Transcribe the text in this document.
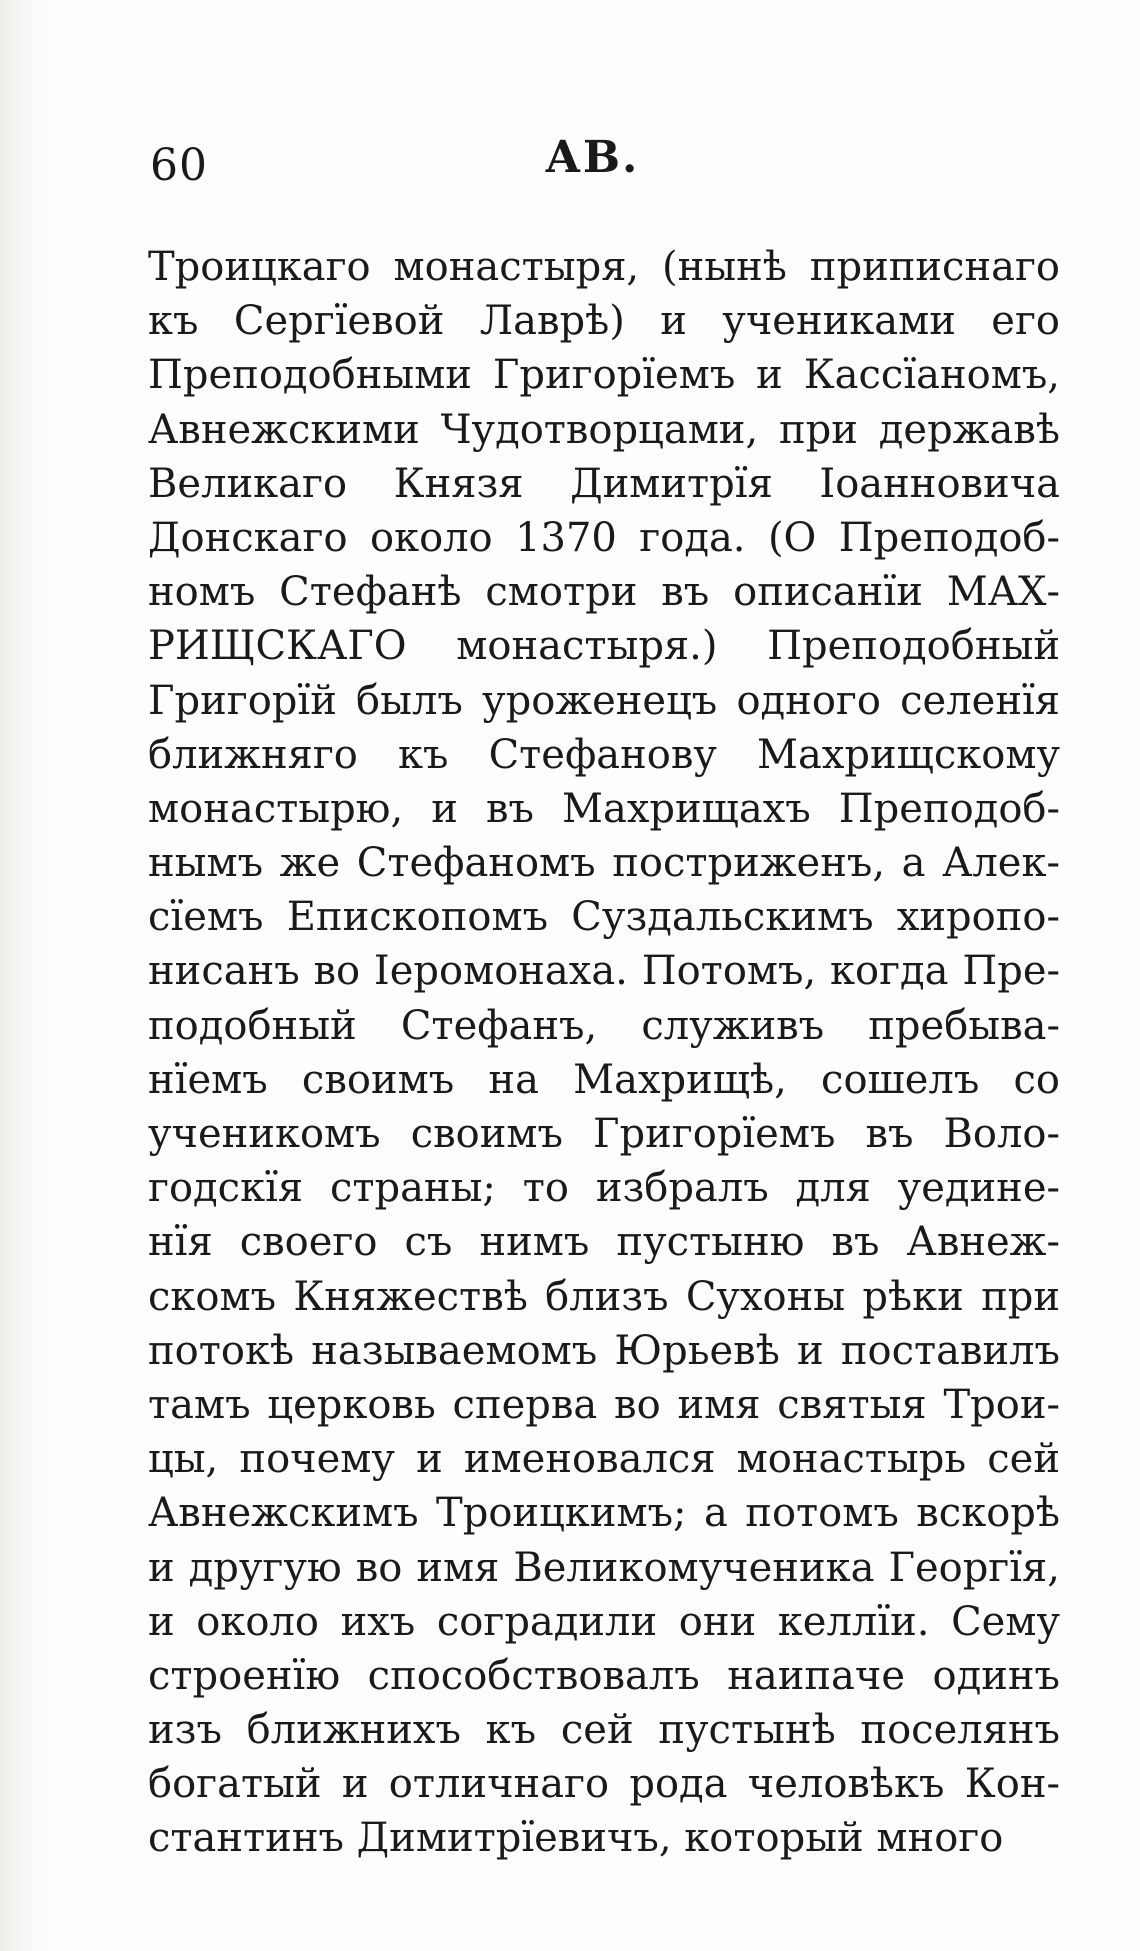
60	АВ.
Троицкаго монастыря, (нынѣ приписнаго
къ Сергїевой Лаврѣ) и учениками его
Преподобными Григорїемъ и Кассїаномъ,
Авнежскими Чудотворцами, при державѣ
Великаго Князя Димитрїя Іоанновича
Донскаго около 1370 года. (О Преподоб-
номъ Стефанѣ смотри въ описанїи МАХ-
РИЩСКАГО монастыря.) Преподобный
Григорїй былъ уроженецъ одного селенїя
ближняго къ Стефанову Махрищскому
монастырю, и въ Махрищахъ Преподоб-
нымъ же Стефаномъ постриженъ, а Алек-
сїемъ Епископомъ Суздальскимъ хиропо-
нисанъ во Іеромонаха. Потомъ, когда Пре-
подобный Стефанъ, служивъ пребыва-
нїемъ своимъ на Махрищѣ, сошелъ со
ученикомъ своимъ Григорїемъ въ Воло-
годскїя страны; то избралъ для уедине-
нїя своего съ нимъ пустыню въ Авнеж-
скомъ Княжествѣ близъ Сухоны рѣки при
потокѣ называемомъ Юрьевѣ и поставилъ
тамъ церковь сперва во имя святыя Трои-
цы, почему и именовался монастырь сей
Авнежскимъ Троицкимъ; а потомъ вскорѣ
и другую во имя Великомученика Георгїя,
и около ихъ соградили они келлїи. Сему
строенїю способствовалъ наипаче одинъ
изъ ближнихъ къ сей пустынѣ поселянъ
богатый и отличнаго рода человѣкъ Кон-
стантинъ Димитрїевичъ, который много
